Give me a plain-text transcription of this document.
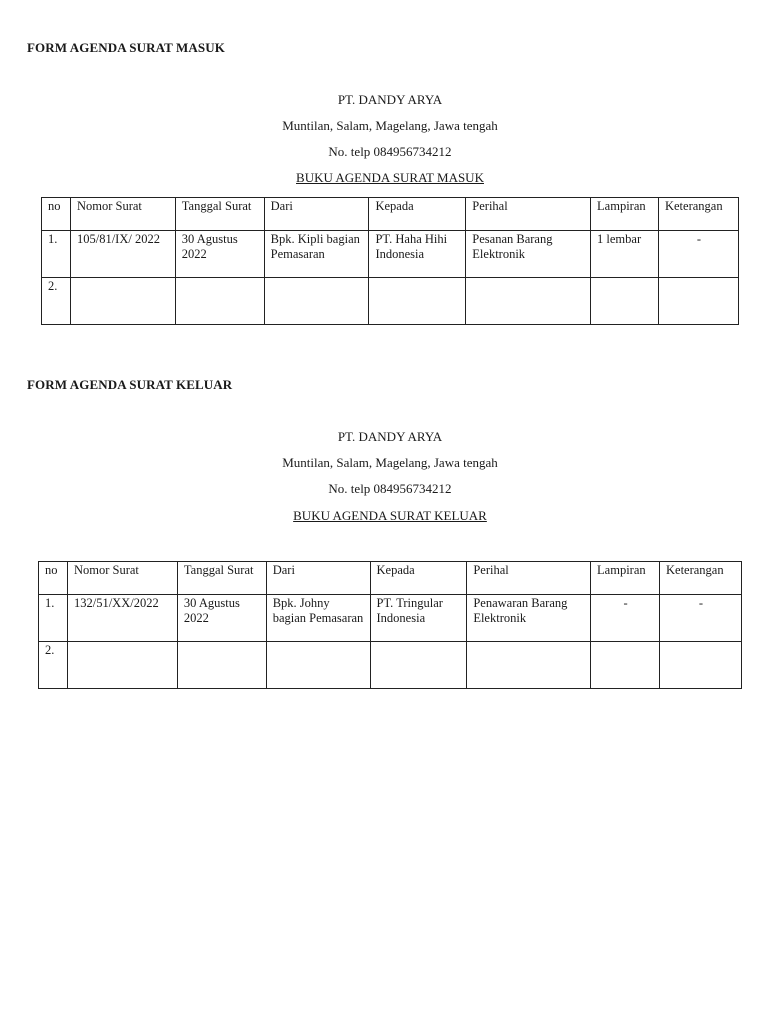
FORM AGENDA SURAT MASUK

PT. DANDY ARYA

Muntilan, Salam, Magelang, Jawa tengah

No. telp 084956734212

BUKU AGENDA SURAT MASUK

no	Nomor Surat	Tanggal Surat	Dari	Kepada	Perihal	Lampiran	Keterangan
1.	105/81/IX/ 2022	30 Agustus 2022	Bpk. Kipli bagian Pemasaran	PT. Haha Hihi Indonesia	Pesanan Barang Elektronik	1 lembar	-
2.							
FORM AGENDA SURAT KELUAR

PT. DANDY ARYA

Muntilan, Salam, Magelang, Jawa tengah

No. telp 084956734212

BUKU AGENDA SURAT KELUAR

no	Nomor Surat	Tanggal Surat	Dari	Kepada	Perihal	Lampiran	Keterangan
1.	132/51/XX/2022	30 Agustus 2022	Bpk. Johny bagian Pemasaran	PT. Tringular Indonesia	Penawaran Barang Elektronik	-	-
2.							
